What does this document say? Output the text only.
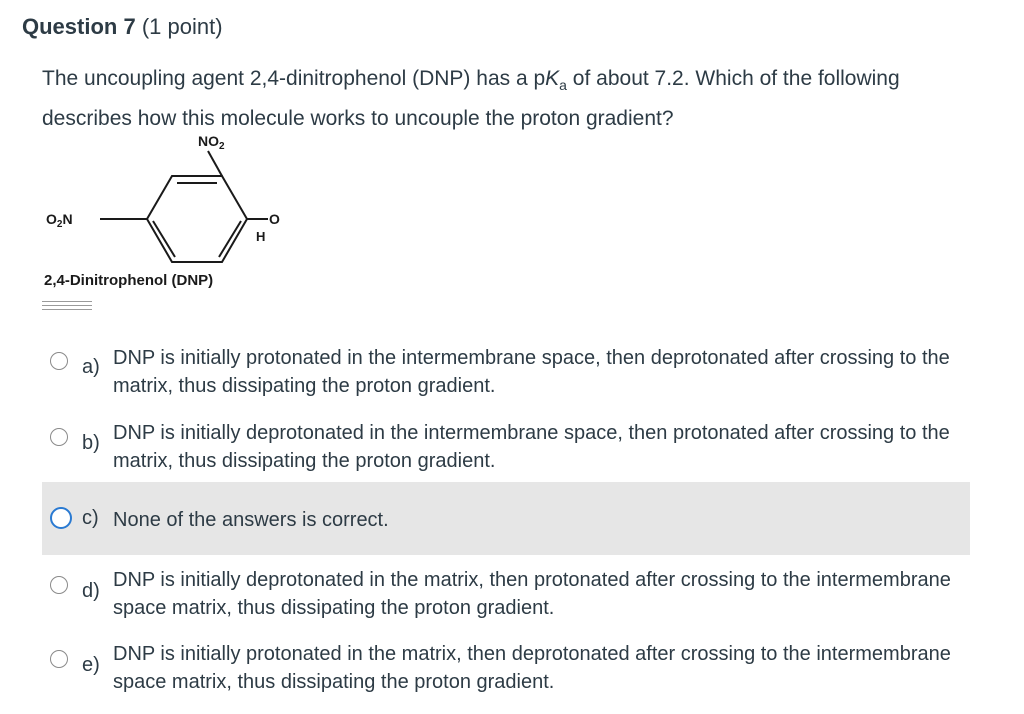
Question 7 (1 point)
The uncoupling agent 2,4-dinitrophenol (DNP) has a $pK_a$ of about 7.2. Which of the following describes how this molecule works to uncouple the proton gradient?
$NO_2$
$O_2N$	O
H
2,4-Dinitrophenol (DNP)
a) DNP is initially protonated in the intermembrane space, then deprotonated after crossing to the matrix, thus dissipating the proton gradient.
b) DNP is initially deprotonated in the intermembrane space, then protonated after crossing to the matrix, thus dissipating the proton gradient.
c) None of the answers is correct.
d) DNP is initially deprotonated in the matrix, then protonated after crossing to the intermembrane space matrix, thus dissipating the proton gradient.
e) DNP is initially protonated in the matrix, then deprotonated after crossing to the intermembrane space matrix, thus dissipating the proton gradient.
